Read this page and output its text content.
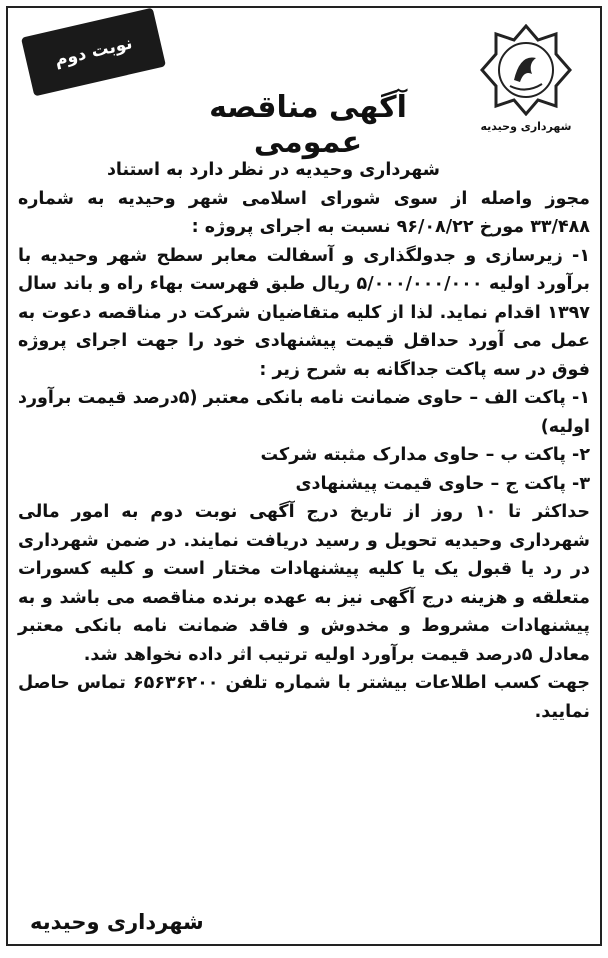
نوبت دوم
شهرداری وحیدیه
آگهی مناقصه عمومی

شهرداری وحیدیه در نظر دارد به استناد

مجوز واصله از سوی شورای اسلامی شهر وحیدیه به شماره ۳۳/۴۸۸ مورخ ۹۶/۰۸/۲۲ نسبت به اجرای پروژه :

۱- زیرسازی و جدولگذاری و آسفالت معابر سطح شهر وحیدیه با برآورد اولیه ۵/۰۰۰/۰۰۰/۰۰۰ ریال طبق فهرست بهاء راه و باند سال ۱۳۹۷ اقدام نماید. لذا از کلیه متقاضیان شرکت در مناقصه دعوت به عمل می آورد حداقل قیمت پیشنهادی خود را جهت اجرای پروژه فوق در سه پاکت جداگانه به شرح زیر :

۱- پاکت الف – حاوی ضمانت نامه بانکی معتبر (۵درصد قیمت برآورد اولیه)

۲- پاکت ب – حاوی مدارک مثبته شرکت

۳- پاکت ج – حاوی قیمت پیشنهادی

حداکثر تا ۱۰ روز از تاریخ درج آگهی نوبت دوم به امور مالی شهرداری وحیدیه تحویل و رسید دریافت نمایند. در ضمن شهرداری در رد یا قبول یک یا کلیه پیشنهادات مختار است و کلیه کسورات متعلقه و هزینه درج آگهی نیز به عهده برنده مناقصه می باشد و به پیشنهادات مشروط و مخدوش و فاقد ضمانت نامه بانکی معتبر معادل ۵درصد قیمت برآورد اولیه ترتیب اثر داده نخواهد شد.

جهت کسب اطلاعات بیشتر با شماره تلفن ۶۵۶۳۶۲۰۰ تماس حاصل نمایید.

شهرداری وحیدیه
